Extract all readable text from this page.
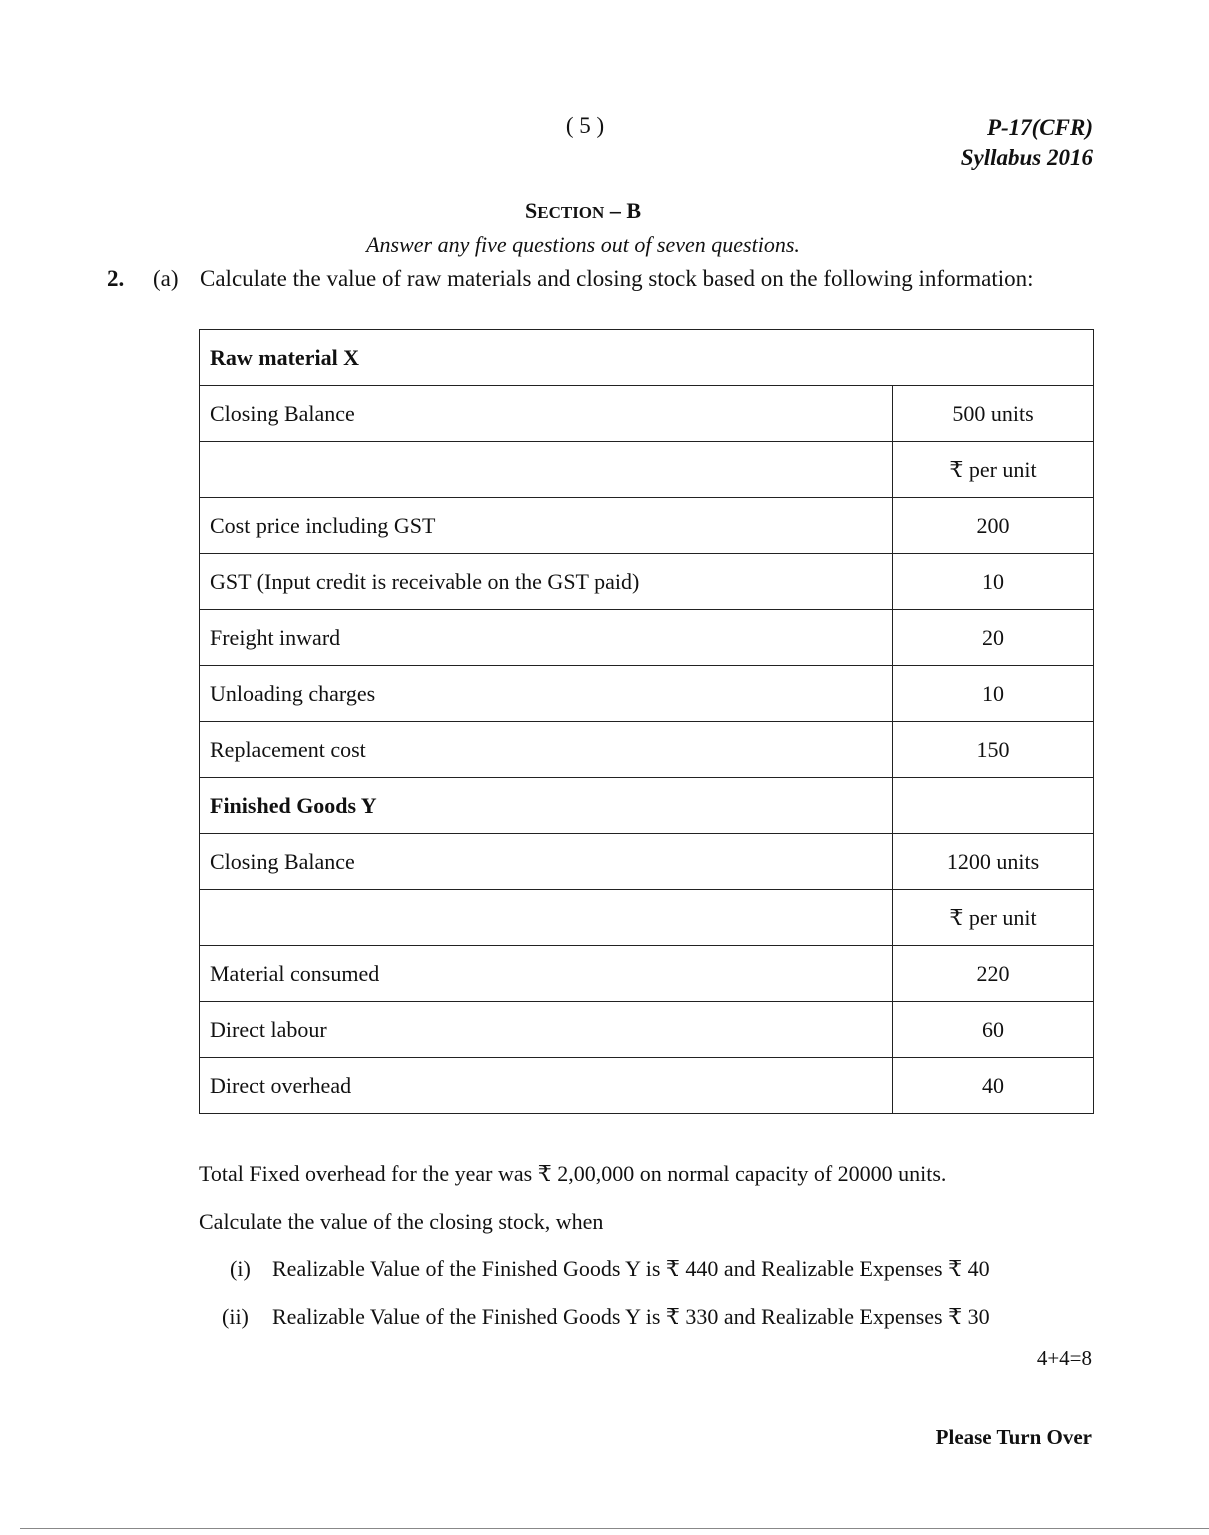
( 5 )	P-17(CFR)
Syllabus 2016
SECTION – B
Answer any five questions out of seven questions.
2. (a) Calculate the value of raw materials and closing stock based on the following information:
Raw material X	
Closing Balance	500 units
	₹ per unit
Cost price including GST	200
GST (Input credit is receivable on the GST paid)	10
Freight inward	20
Unloading charges	10
Replacement cost	150
Finished Goods Y	
Closing Balance	1200 units
	₹ per unit
Material consumed	220
Direct labour	60
Direct overhead	40
Total Fixed overhead for the year was ₹ 2,00,000 on normal capacity of 20000 units.
Calculate the value of the closing stock, when
(i) Realizable Value of the Finished Goods Y is ₹ 440 and Realizable Expenses ₹ 40
(ii) Realizable Value of the Finished Goods Y is ₹ 330 and Realizable Expenses ₹ 30
4+4=8
Please Turn Over
